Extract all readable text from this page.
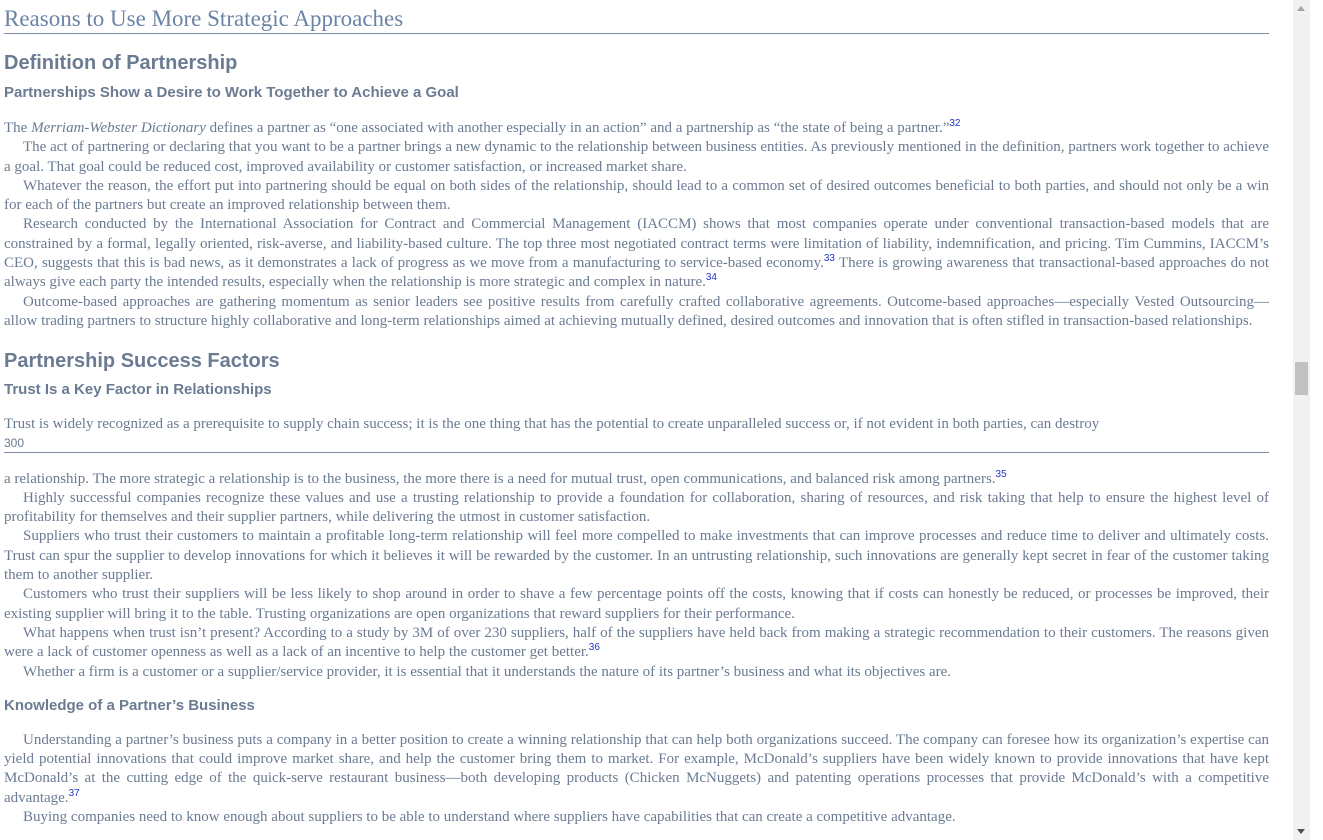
Reasons to Use More Strategic Approaches
Definition of Partnership
Partnerships Show a Desire to Work Together to Achieve a Goal

The Merriam-Webster Dictionary defines a partner as “one associated with another especially in an action” and a partnership as “the state of being a partner.”$^{32}$

The act of partnering or declaring that you want to be a partner brings a new dynamic to the relationship between business entities. As previously mentioned in the definition, partners work together to achieve a goal. That goal could be reduced cost, improved availability or customer satisfaction, or increased market share.

Whatever the reason, the effort put into partnering should be equal on both sides of the relationship, should lead to a common set of desired outcomes beneficial to both parties, and should not only be a win for each of the partners but create an improved relationship between them.

Research conducted by the International Association for Contract and Commercial Management (IACCM) shows that most companies operate under conventional transaction-based models that are constrained by a formal, legally oriented, risk-averse, and liability-based culture. The top three most negotiated contract terms were limitation of liability, indemnification, and pricing. Tim Cummins, IACCM’s CEO, suggests that this is bad news, as it demonstrates a lack of progress as we move from a manufacturing to service-based economy.$^{33}$ There is growing awareness that transactional-based approaches do not always give each party the intended results, especially when the relationship is more strategic and complex in nature.$^{34}$

Outcome-based approaches are gathering momentum as senior leaders see positive results from carefully crafted collaborative agreements. Outcome-based approaches—especially Vested Outsourcing—allow trading partners to structure highly collaborative and long-term relationships aimed at achieving mutually defined, desired outcomes and innovation that is often stifled in transaction-based relationships.

Partnership Success Factors
Trust Is a Key Factor in Relationships

Trust is widely recognized as a prerequisite to supply chain success; it is the one thing that has the potential to create unparalleled success or, if not evident in both parties, can destroy

300

a relationship. The more strategic a relationship is to the business, the more there is a need for mutual trust, open communications, and balanced risk among partners.$^{35}$

Highly successful companies recognize these values and use a trusting relationship to provide a foundation for collaboration, sharing of resources, and risk taking that help to ensure the highest level of profitability for themselves and their supplier partners, while delivering the utmost in customer satisfaction.

Suppliers who trust their customers to maintain a profitable long-term relationship will feel more compelled to make investments that can improve processes and reduce time to deliver and ultimately costs. Trust can spur the supplier to develop innovations for which it believes it will be rewarded by the customer. In an untrusting relationship, such innovations are generally kept secret in fear of the customer taking them to another supplier.

Customers who trust their suppliers will be less likely to shop around in order to shave a few percentage points off the costs, knowing that if costs can honestly be reduced, or processes be improved, their existing supplier will bring it to the table. Trusting organizations are open organizations that reward suppliers for their performance.

What happens when trust isn’t present? According to a study by 3M of over 230 suppliers, half of the suppliers have held back from making a strategic recommendation to their customers. The reasons given were a lack of customer openness as well as a lack of an incentive to help the customer get better.$^{36}$

Whether a firm is a customer or a supplier/service provider, it is essential that it understands the nature of its partner’s business and what its objectives are.

Knowledge of a Partner’s Business

Understanding a partner’s business puts a company in a better position to create a winning relationship that can help both organizations succeed. The company can foresee how its organization’s expertise can yield potential innovations that could improve market share, and help the customer bring them to market. For example, McDonald’s suppliers have been widely known to provide innovations that have kept McDonald’s at the cutting edge of the quick-serve restaurant business—both developing products (Chicken McNuggets) and patenting operations processes that provide McDonald’s with a competitive advantage.$^{37}$

Buying companies need to know enough about suppliers to be able to understand where suppliers have capabilities that can create a competitive advantage.
